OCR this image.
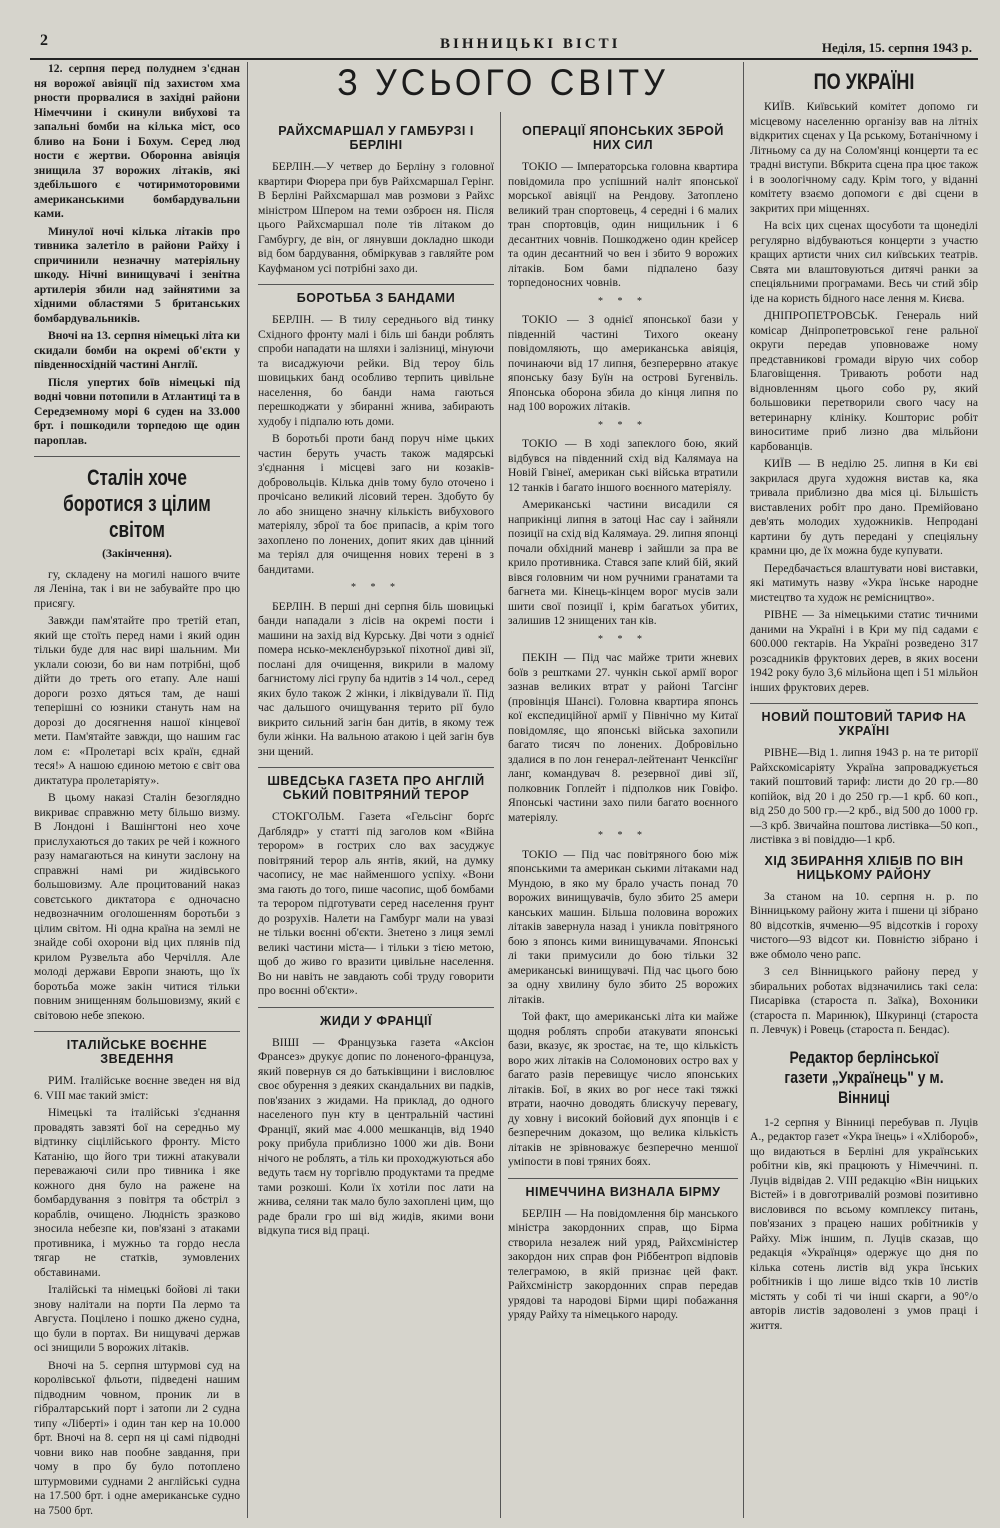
2	ВІННИЦЬКІ ВІСТІ	Неділя, 15. серпня 1943 р.

12. серпня перед полуднем з'єднан ня ворожої авіяції під захистом хма рности прорвалися в західні райони Німеччини і скинули вибухові та запальні бомби на кілька міст, осо бливо на Бони і Бохум. Серед люд ности є жертви. Оборонна авіяція знищила 37 ворожих літаків, які здебільшого є чотиримоторовими американськими бомбардувальни ками.

Минулої ночі кілька літаків про тивника залетіло в райони Райху і спричинили незначну матеріяльну шкоду. Нічні винищувачі і зенітна артилерія збили над зайнятими за хідними областями 5 британських бомбардувальників.

Вночі на 13. серпня німецькі літа ки скидали бомби на окремі об'єкти у південносхідній частині Англії.

Після упертих боїв німецькі під водні човни потопили в Атлантиці та в Середземному морі 6 суден на 33.000 брт. і пошкодили торпедою ще один пароплав.

Сталін хоче боротися з цілим світом
(Закінчення).

гу, складену на могилі нашого вчите ля Леніна, так і ви не забувайте про цю присягу.

Завжди пам'ятайте про третій етап, який ще стоїть перед нами і який один тільки буде для нас вирі шальним. Ми уклали союзи, бо ви нам потрібні, щоб дійти до треть ого етапу. Але наші дороги розхо дяться там, де наші теперішні со юзники стануть нам на дорозі до досягнення нашої кінцевої мети. Пам'ятайте завжди, що нашим гас лом є: «Пролетарі всіх країн, єднай теся!» А нашою єдиною метою є світ ова диктатура пролетаріяту».

В цьому наказі Сталін безоглядно викриває справжню мету більшо визму. В Лондоні і Вашінгтоні нео хоче прислухаються до таких ре чей і кожного разу намагаються на кинути заслону на справжні намі ри жидівського большовизму. Але процитований наказ совєтського диктатора є одночасно недвозначним оголошенням боротьби з цілим світом. Ні одна країна на землі не знайде собі охорони від цих плянів під крилом Рузвельта або Черчілля. Але молоді держави Европи знають, що їх боротьба може закін читися тільки повним знищенням большовизму, який є світовою небе зпекою.

ІТАЛІЙСЬКЕ ВОЄННЕ ЗВЕДЕННЯ

РИМ. Італійське воєнне зведен ня від 6. VIII має такий зміст:

Німецькі та італійські з'єднання провадять завзяті бої на середньо му відтинку сіцілійського фронту. Місто Катанію, що його три тижні атакували переважаючі сили про тивника і яке кожного дня було на ражене на бомбардування з повітря та обстріл з кораблів, очищено. Людність зразково зносила небезпе ки, пов'язані з атаками противника, і мужньо та гордо несла тягар не статків, зумовлених обставинами.

Італійські та німецькі бойові лі таки знову налітали на порти Па лермо та Августа. Поцілено і пошко джено судна, що були в портах. Ви нищувачі держав осі знищили 5 ворожих літаків.

Вночі на 5. серпня штурмові суд на королівської фльоти, підведені нашим підводним човном, проник ли в гібралтарський порт і затопи ли 2 судна типу «Ліберті» і один тан кер на 10.000 брт. Вночі на 8. серп ня ці самі підводні човни вико нав пообне завдання, при чому в про бу було потоплено штурмовими суднами 2 англійські судна на 17.500 брт. і одне американське судно на 7500 брт.

З УСЬОГО СВІТУ
РАЙХСМАРШАЛ У ГАМБУРЗІ І БЕРЛІНІ

БЕРЛІН.—У четвер до Берліну з головної квартири Фюрера при був Райхсмаршал Герінг. В Берліні Райхсмаршал мав розмови з Райхс міністром Шпером на теми озброєн ня. Після цього Райхсмаршал поле тів літаком до Гамбургу, де він, ог лянувши докладно шкоди від бом бардування, обміркував з гавляйте ром Кауфманом усі потрібні захо ди.

БОРОТЬБА З БАНДАМИ

БЕРЛІН. — В тилу середнього від тинку Східного фронту малі і біль ші банди роблять спроби нападати на шляхи і залізниці, мінуючи та висаджуючи рейки. Від тероу біль шовицьких банд особливо терпить цивільне населення, бо банди нама гаються перешкоджати у збиранні жнива, забирають худобу і підпалю ють доми.

В боротьбі проти банд поруч німе цьких частин беруть участь також мадярські з'єднання і місцеві заго ни козаків-добровольців. Кілька днів тому було оточено і прочісано великий лісовий терен. Здобуто бу ло або знищено значну кількість вибухового матеріялу, зброї та боє припасів, а крім того захоплено по лонених, допит яких дав цінний ма теріял для очищення нових терені в з бандитами.

* * *

БЕРЛІН. В перші дні серпня біль шовицькі банди нападали з лісів на окремі пости і машини на захід від Курську. Дві чоти з однієї помера нсько-меклєнбурзької піхотної диві зії, послані для очищення, викрили в малому багнистому лісі групу ба ндитів з 14 чол., серед яких було також 2 жінки, і ліквідували її. Під час дальшого очищування терито рії було викрито сильний загін бан дитів, в якому теж були жінки. На вальною атакою і цей загін був зни щений.

ШВЕДСЬКА ГАЗЕТА ПРО АНГЛІЙ СЬКИЙ ПОВІТРЯНИЙ ТЕРОР

СТОКГОЛЬМ. Газета «Гельсінг борґс Даґблядр» у статті під заголов ком «Війна терором» в гострих сло вах засуджує повітряний терор аль янтів, який, на думку часопису, не має найменшого успіху. «Вони зма гають до того, пише часопис, щоб бомбами та терором підготувати серед населення ґрунт до розрухів. Налети на Гамбург мали на увазі не тільки воєнні об'єкти. Знетено з лиця землі великі частини міста— і тільки з тією метою, щоб до живо го вразити цивільне населення. Во ни навіть не завдають собі труду говорити про воєнні об'єкти».

ЖИДИ У ФРАНЦІЇ

ВІШІ — Французька газета «Аксіон Франсез» друкує допис по лоненого-француза, який повернув ся до батьківщини і висловлює своє обурення з деяких скандальних ви падків, пов'язаних з жидами. На приклад, до одного населеного пун кту в центральній частині Франції, який має 4.000 мешканців, від 1940 року прибула приблизно 1000 жи дів. Вони нічого не роблять, а тіль ки проходжуються або ведуть таєм ну торгівлю продуктами та предме тами розкоші. Коли їх хотіли пос лати на жнива, селяни так мало було захоплені цим, що раде брали гро ші від жидів, якими вони відкупа тися від праці.

ОПЕРАЦІЇ ЯПОНСЬКИХ ЗБРОЙ НИХ СИЛ

ТОКІО — Імператорська головна квартира повідомила про успішний наліт японської морської авіяції на Рендову. Затоплено великий тран спортовець, 4 середні і 6 малих тран спортовців, один нищильник і 6 десантних човнів. Пошкоджено один крейсер та один десантний чо вен і збито 9 ворожих літаків. Бом бами підпалено базу торпедоносних човнів.

* * *

ТОКІО — З однієї японської бази у південній частині Тихого океану повідомляють, що американська авіяція, починаючи від 17 липня, безперервно атакує японську базу Буїн на острові Бугенвіль. Японська оборона збила до кінця липня по над 100 ворожих літаків.

* * *

ТОКІО — В ході запеклого бою, який відбувся на південний схід від Калямауа на Новій Гвінеї, американ ські війська втратили 12 танків і багато іншого воєнного матеріялу.

Американські частини висадили ся наприкінці липня в затоці Нас сау і зайняли позиції на схід від Калямауа. 29. липня японці почали обхідний маневр і зайшли за пра ве крило противника. Стався запе клий бій, який вівся головним чи ном ручними гранатами та багнета ми. Кінець-кінцем ворог мусів зали шити свої позиції і, крім багатьох убитих, залишив 12 знищених тан ків.

* * *

ПЕКІН — Під час майже трити жневих боїв з рештками 27. чункін ської армії ворог зазнав великих втрат у районі Тагсінг (провінція Шансі). Головна квартира японсь кої експедиційної армії у Північно му Китаї повідомляє, що японські війська захопили багато тисяч по лонених. Добровільно здалися в по лон генерал-лейтенант Ченксіїнг ланг, командувач 8. резервної диві зії, полковник Гоплейт і підполков ник Говіфо. Японські частини захо пили багато воєнного матеріялу.

* * *

ТОКІО — Під час повітряного бою між японськими та американ ськими літаками над Мундою, в яко му брало участь понад 70 ворожих винищувачів, було збито 25 амери канських машин. Більша половина ворожих літаків завернула назад і уникла повітряного бою з японсь кими винищувачами. Японські лі таки примусили до бою тільки 32 американські винищувачі. Під час цього бою за одну хвилину було збито 25 ворожих літаків.

Той факт, що американські літа ки майже щодня роблять спроби атакувати японські бази, вказує, як зростає, на те, що кількість воро жих літаків на Соломонових остро вах у багато разів перевищує число японських літаків. Бої, в яких во рог несе такі тяжкі втрати, наочно доводять блискучу перевагу, ду ховну і високий бойовий дух японців і є безперечним доказом, що велика кількість літаків не зрівноважує безперечно меншої уміпости в пові тряних боях.

НІМЕЧЧИНА ВИЗНАЛА БІРМУ

БЕРЛІН — На повідомлення бір манського міністра закордонних справ, що Бірма створила незалеж ний уряд, Райхсміністер закордон них справ фон Ріббентроп відповів телеграмою, в якій признає цей факт. Райхсміністр закордонних справ передав урядові та народові Бірми щирі побажання уряду Райху та німецького народу.

ПО УКРАЇНІ

КИЇВ. Київський комітет допомо ги місцевому населенню організу вав на літніх відкритих сценах у Ца рському, Ботанічному і Літньому са ду на Солом'янці концерти та ес традні виступи. Вбкрита сцена пра цює також і в зоологічному саду. Крім того, у віданні комітету взаємо допомоги є дві сцени в закритих при міщеннях.

На всіх цих сценах щосуботи та щонеділі регулярно відбуваються концерти з участю кращих артисти чних сил київських театрів. Свята ми влаштовуються дитячі ранки за спеціяльними програмами. Весь чи стий збір іде на користь бідного насе лення м. Києва.

ДНІПРОПЕТРОВСЬК. Генераль ний комісар Дніпропетровської гене ральної округи передав уповноваже ному представникові громади вірую чих собор Благовіщення. Тривають роботи над відновленням цього собо ру, який большовики перетворили свого часу на ветеринарну клініку. Кошторис робіт виноситиме приб лизно два мільйони карбованців.

КИЇВ — В неділю 25. липня в Ки єві закрилася друга художня вистав ка, яка тривала приблизно два міся ці. Більшість виставлених робіт про дано. Премійовано дев'ять молодих художників. Непродані картини бу дуть передані у спеціяльну крамни цю, де їх можна буде купувати.

Передбачається влаштувати нові виставки, які матимуть назву «Укра їнське народне мистецтво та худож нє ремісництво».

РІВНЕ — За німецькими статис тичними даними на Україні і в Кри му під садами є 600.000 гектарів. На Україні розведено 317 розсадників фруктових дерев, в яких восени 1942 року було 3,6 мільйона щеп і 51 мільйон інших фруктових дерев.

НОВИЙ ПОШТОВИЙ ТАРИФ НА УКРАЇНІ

РІВНЕ—Від 1. липня 1943 р. на те риторії Райхскомісаріяту Україна запроваджується такий поштовий тариф: листи до 20 гр.—80 копійок, від 20 і до 250 гр.—1 крб. 60 коп., від 250 до 500 гр.—2 крб., від 500 до 1000 гр.—3 крб. Звичайна поштова листівка—50 коп., листівка з ві повіддю—1 крб.

ХІД ЗБИРАННЯ ХЛІБІВ ПО ВІН НИЦЬКОМУ РАЙОНУ

За станом на 10. серпня н. р. по Вінницькому району жита і пшени ці зібрано 80 відсотків, ячменю—95 відсотків і гороху чистого—93 відсот ки. Повністю зібрано і вже обмоло чено рапс.

З сел Вінницького району перед у збиральних роботах відзначились такі села: Писарівка (староста п. Заїка), Вохоники (староста п. Маринюк), Шкуринці (староста п. Левчук) і Ровець (староста п. Бендас).

Редактор берлінської газети „Українець" у м. Вінниці

1-2 серпня у Вінниці перебував п. Луців А., редактор газет «Укра їнець» і «Хлібороб», що видаються в Берліні для українських робітни ків, які працюють у Німеччині. п. Луців відвідав 2. VIII редакцію «Він ницьких Вістей» і в довготривалій розмові позитивно висловився по всьому комплексу питань, пов'язаних з працею наших робітників у Райху. Між іншим, п. Луців сказав, що редакція «Українця» одержує що дня по кілька сотень листів від укра їнських робітників і що лише відсо тків 10 листів містять у собі ті чи інші скарги, а 90°/о авторів листів задоволені з умов праці і життя.
